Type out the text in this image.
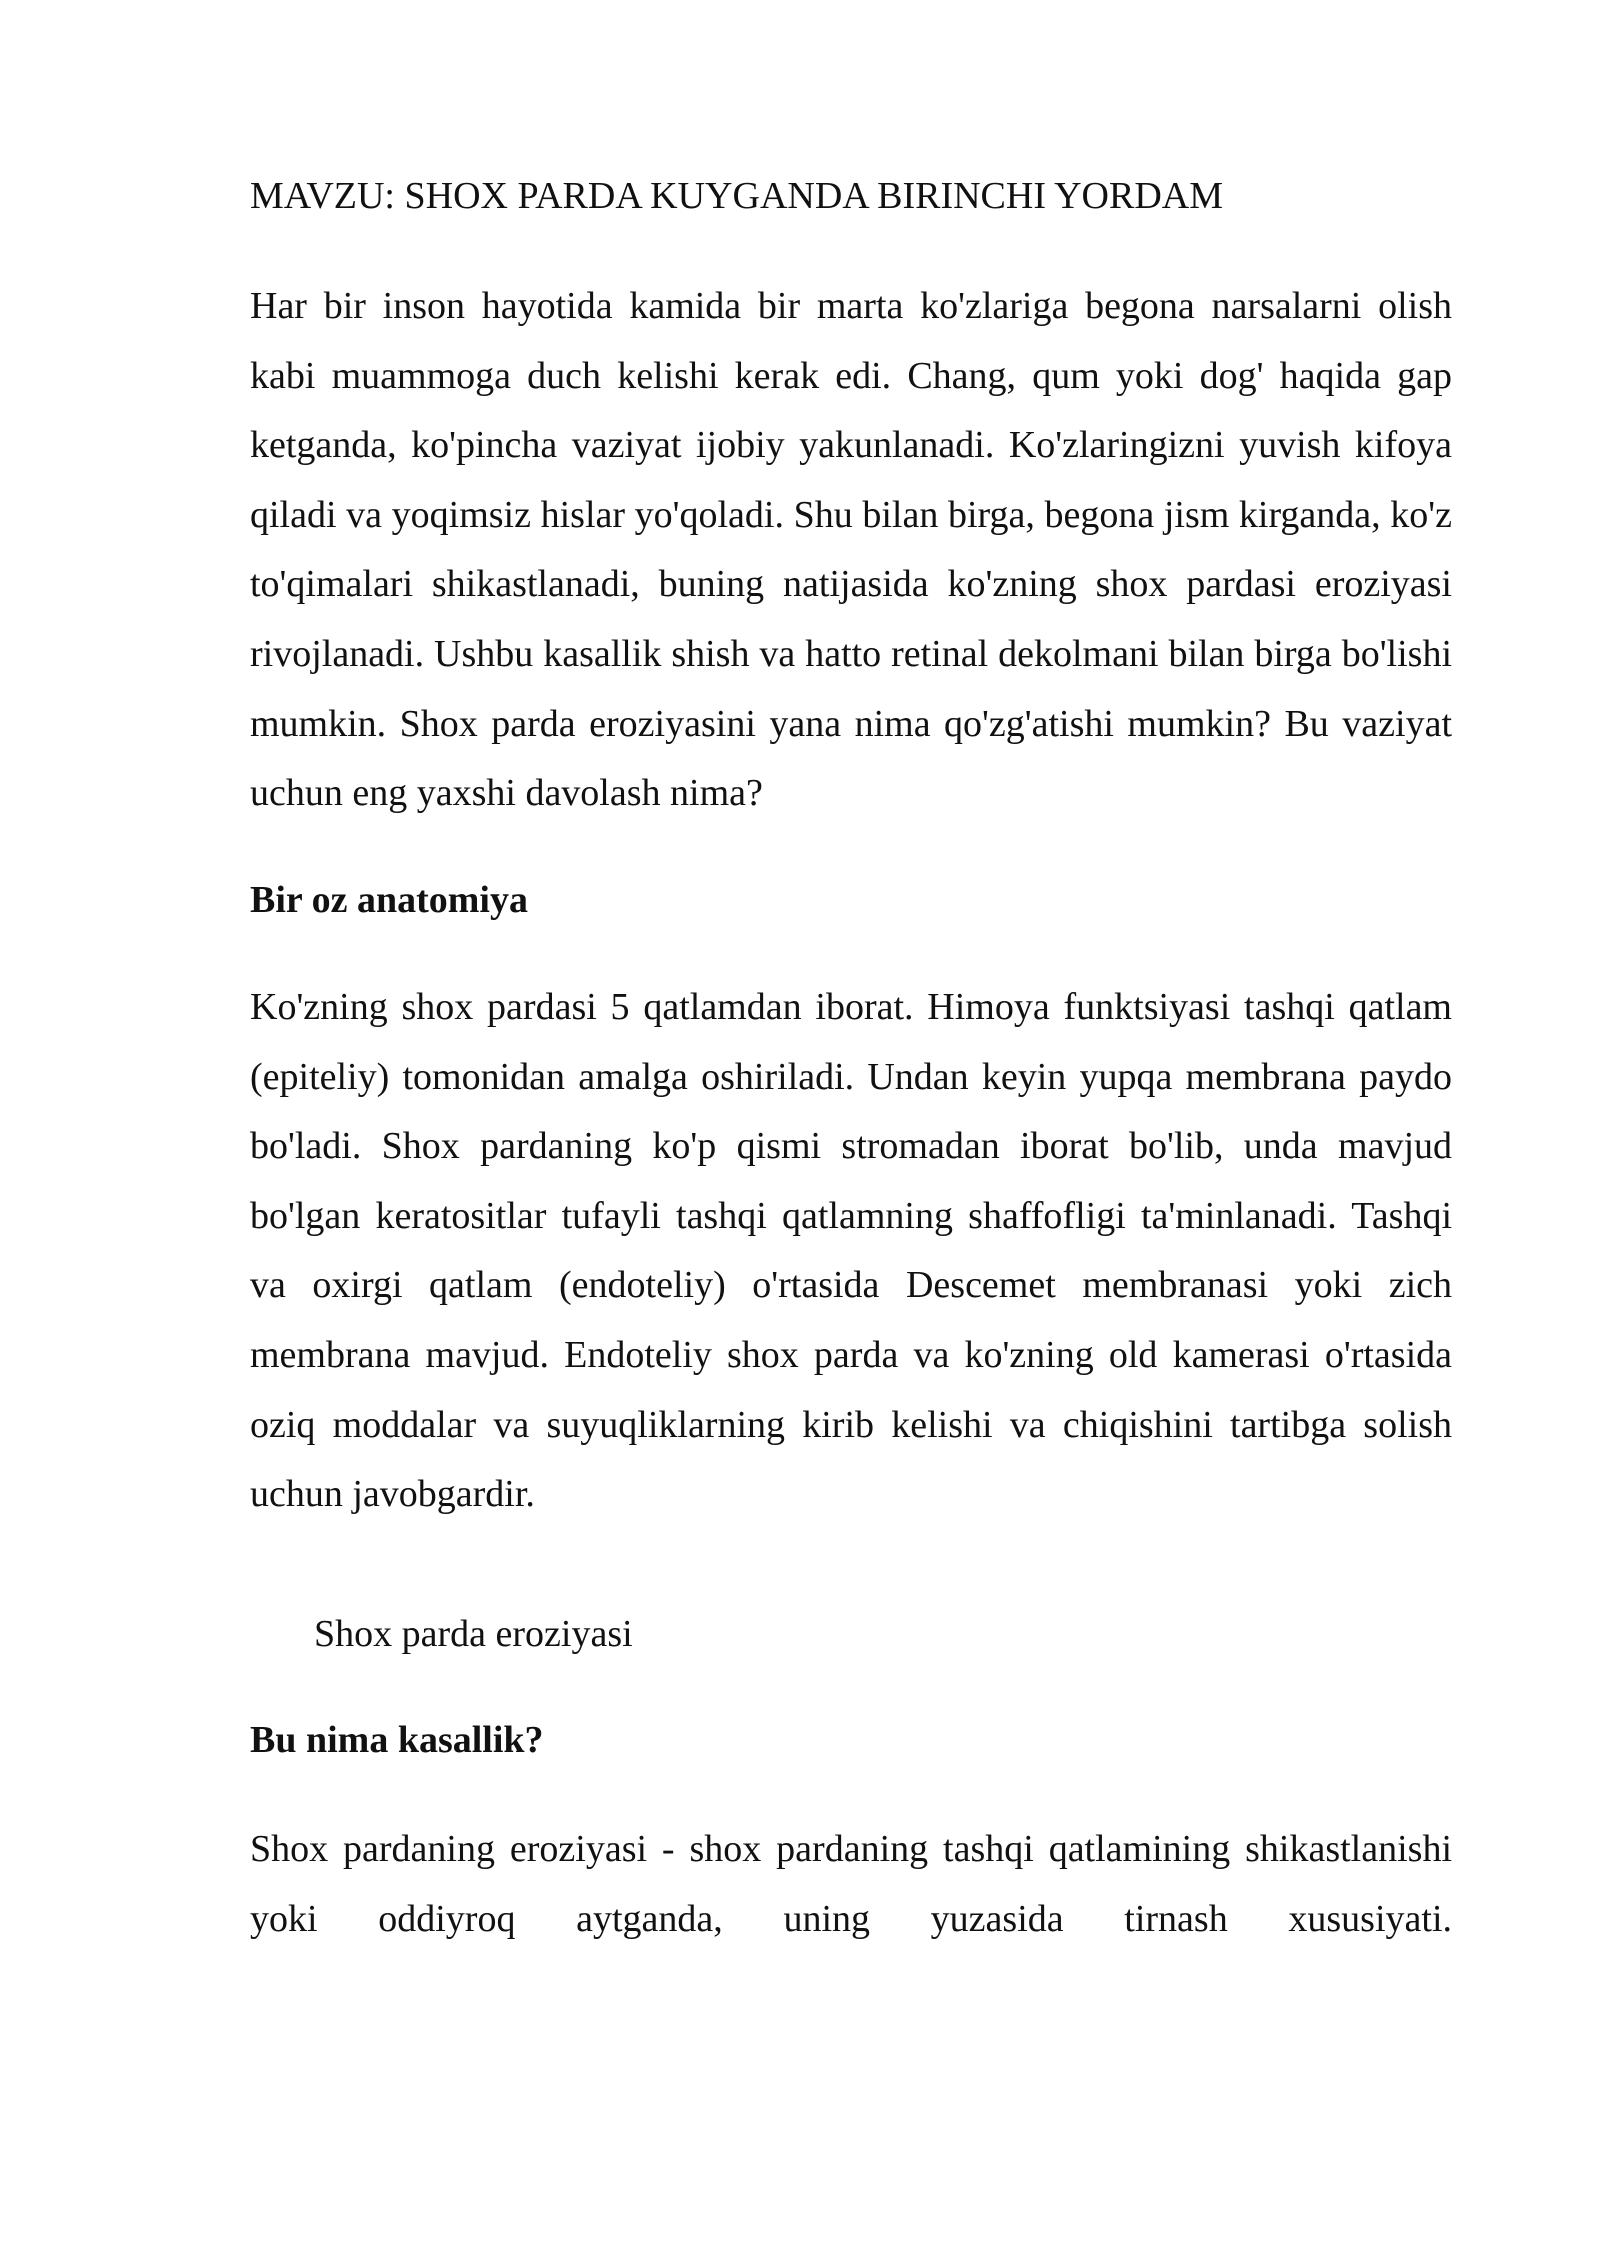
MAVZU: SHOX PARDA KUYGANDA BIRINCHI YORDAM

Har bir inson hayotida kamida bir marta ko'zlariga begona narsalarni olish kabi muammoga duch kelishi kerak edi. Chang, qum yoki dog' haqida gap ketganda, ko'pincha vaziyat ijobiy yakunlanadi. Ko'zlaringizni yuvish kifoya qiladi va yoqimsiz hislar yo'qoladi. Shu bilan birga, begona jism kirganda, ko'z to'qimalari shikastlanadi, buning natijasida ko'zning shox pardasi eroziyasi rivojlanadi. Ushbu kasallik shish va hatto retinal dekolmani bilan birga bo'lishi mumkin. Shox parda eroziyasini yana nima qo'zg'atishi mumkin? Bu vaziyat uchun eng yaxshi davolash nima?

Bir oz anatomiya

Ko'zning shox pardasi 5 qatlamdan iborat. Himoya funktsiyasi tashqi qatlam (epiteliy) tomonidan amalga oshiriladi. Undan keyin yupqa membrana paydo bo'ladi. Shox pardaning ko'p qismi stromadan iborat bo'lib, unda mavjud bo'lgan keratositlar tufayli tashqi qatlamning shaffofligi ta'minlanadi. Tashqi va oxirgi qatlam (endoteliy) o'rtasida Descemet membranasi yoki zich membrana mavjud. Endoteliy shox parda va ko'zning old kamerasi o'rtasida oziq moddalar va suyuqliklarning kirib kelishi va chiqishini tartibga solish uchun javobgardir.

Shox parda eroziyasi
Bu nima kasallik?

Shox pardaning eroziyasi - shox pardaning tashqi qatlamining shikastlanishi yoki oddiyroq aytganda, uning yuzasida tirnash xususiyati.
